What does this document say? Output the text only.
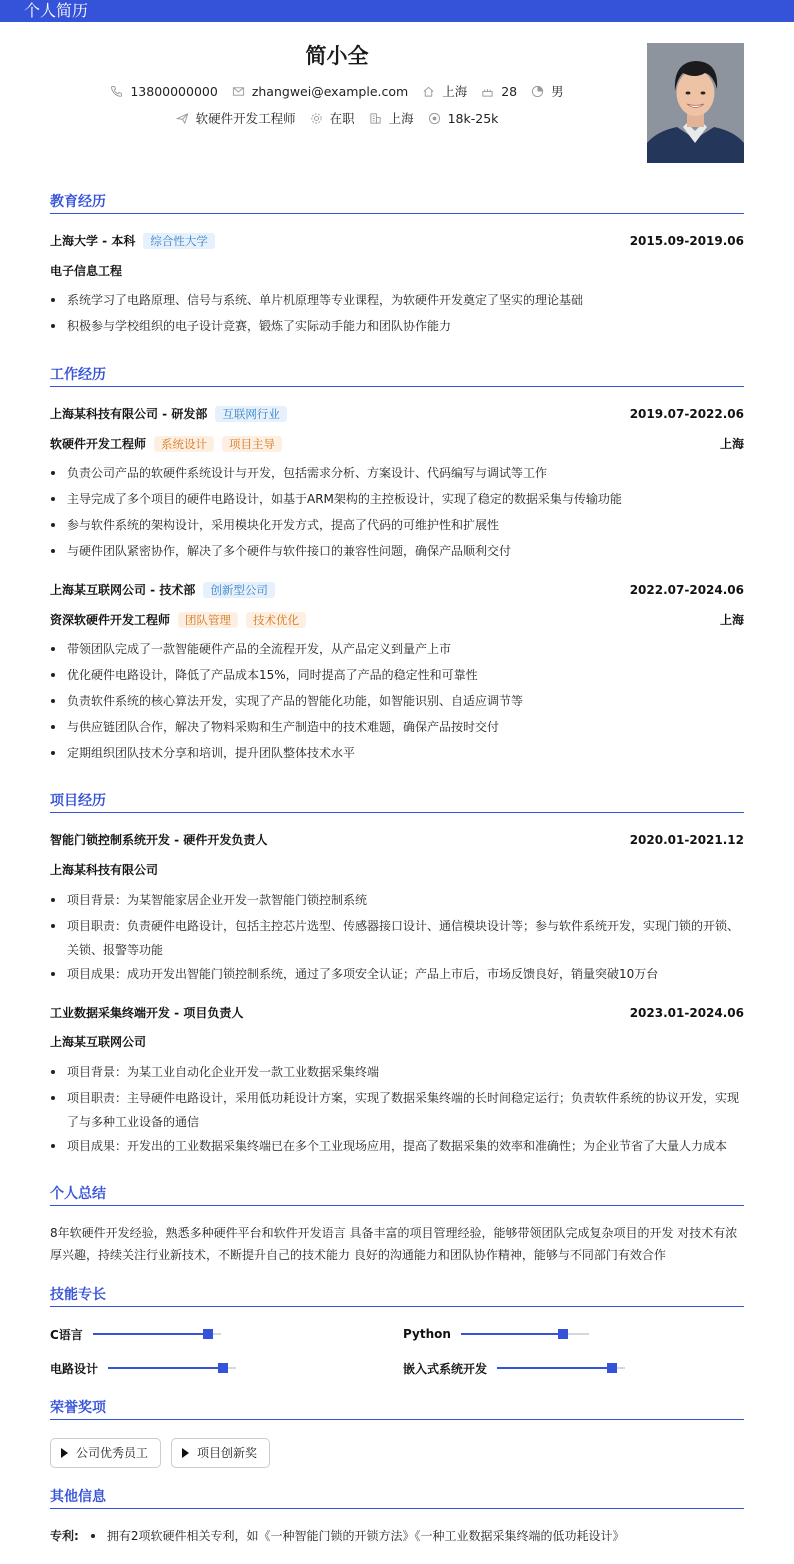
个人简历
简小全
13800000000	zhangwei@example.com	上海	28	男
软硬件开发工程师	在职	上海	18k-25k
教育经历
上海大学 - 本科	综合性大学	2015.09-2019.06
电子信息工程
系统学习了电路原理、信号与系统、单片机原理等专业课程，为软硬件开发奠定了坚实的理论基础
积极参与学校组织的电子设计竞赛，锻炼了实际动手能力和团队协作能力
工作经历
上海某科技有限公司 - 研发部	互联网行业	2019.07-2022.06
软硬件开发工程师	系统设计	项目主导	上海
负责公司产品的软硬件系统设计与开发，包括需求分析、方案设计、代码编写与调试等工作
主导完成了多个项目的硬件电路设计，如基于ARM架构的主控板设计，实现了稳定的数据采集与传输功能
参与软件系统的架构设计，采用模块化开发方式，提高了代码的可维护性和扩展性
与硬件团队紧密协作，解决了多个硬件与软件接口的兼容性问题，确保产品顺利交付
上海某互联网公司 - 技术部	创新型公司	2022.07-2024.06
资深软硬件开发工程师	团队管理	技术优化	上海
带领团队完成了一款智能硬件产品的全流程开发，从产品定义到量产上市
优化硬件电路设计，降低了产品成本15%，同时提高了产品的稳定性和可靠性
负责软件系统的核心算法开发，实现了产品的智能化功能，如智能识别、自适应调节等
与供应链团队合作，解决了物料采购和生产制造中的技术难题，确保产品按时交付
定期组织团队技术分享和培训，提升团队整体技术水平
项目经历
智能门锁控制系统开发 - 硬件开发负责人	2020.01-2021.12
上海某科技有限公司
项目背景：为某智能家居企业开发一款智能门锁控制系统
项目职责：负责硬件电路设计，包括主控芯片选型、传感器接口设计、通信模块设计等；参与软件系统开发，实现门锁的开锁、关锁、报警等功能
项目成果：成功开发出智能门锁控制系统，通过了多项安全认证；产品上市后，市场反馈良好，销量突破10万台
工业数据采集终端开发 - 项目负责人	2023.01-2024.06
上海某互联网公司
项目背景：为某工业自动化企业开发一款工业数据采集终端
项目职责：主导硬件电路设计，采用低功耗设计方案，实现了数据采集终端的长时间稳定运行；负责软件系统的协议开发，实现了与多种工业设备的通信
项目成果：开发出的工业数据采集终端已在多个工业现场应用，提高了数据采集的效率和准确性；为企业节省了大量人力成本
个人总结
8年软硬件开发经验，熟悉多种硬件平台和软件开发语言 具备丰富的项目管理经验，能够带领团队完成复杂项目的开发 对技术有浓厚兴趣，持续关注行业新技术，不断提升自己的技术能力 良好的沟通能力和团队协作精神，能够与不同部门有效合作
技能专长
C语言	Python
电路设计	嵌入式系统开发
荣誉奖项
公司优秀员工	项目创新奖
其他信息
专利: 拥有2项软硬件相关专利，如《一种智能门锁的开锁方法》《一种工业数据采集终端的低功耗设计》
